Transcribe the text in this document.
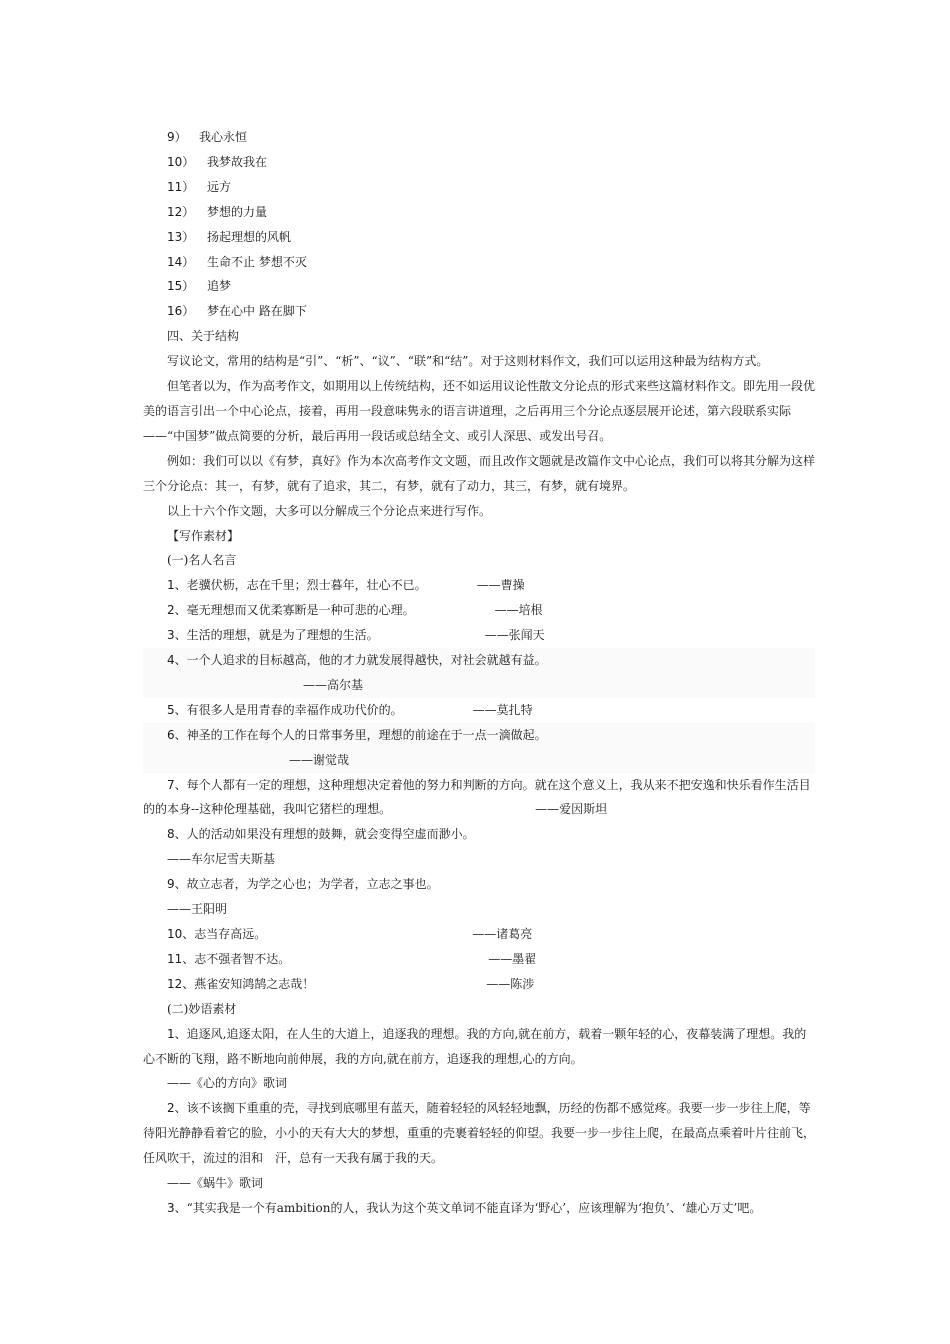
9） 我心永恒
10） 我梦故我在
11） 远方
12） 梦想的力量
13） 扬起理想的风帆
14） 生命不止 梦想不灭
15） 追梦
16） 梦在心中 路在脚下

四、关于结构

写议论文，常用的结构是“引”、“析”、“议”、“联”和“结”。对于这则材料作文，我们可以运用这种最为结构方式。

但笔者以为，作为高考作文，如期用以上传统结构，还不如运用议论性散文分论点的形式来些这篇材料作文。即先用一段优美的语言引出一个中心论点，接着，再用一段意味隽永的语言讲道理，之后再用三个分论点逐层展开论述，第六段联系实际——“中国梦”做点简要的分析，最后再用一段话或总结全文、或引人深思、或发出号召。

例如：我们可以以《有梦，真好》作为本次高考作文文题，而且改作文题就是改篇作文中心论点，我们可以将其分解为这样三个分论点：其一，有梦，就有了追求，其二，有梦，就有了动力，其三，有梦，就有境界。

以上十六个作文题，大多可以分解成三个分论点来进行写作。

【写作素材】

(一)名人名言

1、老骥伏枥，志在千里；烈士暮年，壮心不已。	——曹操

2、毫无理想而又优柔寡断是一种可悲的心理。	——培根

3、生活的理想，就是为了理想的生活。	——张闻天

4、一个人追求的目标越高，他的才力就发展得越快，对社会就越有益。

——高尔基

5、有很多人是用青春的幸福作成功代价的。	——莫扎特

6、神圣的工作在每个人的日常事务里，理想的前途在于一点一滴做起。

——谢觉哉

7、每个人都有一定的理想，这种理想决定着他的努力和判断的方向。就在这个意义上，我从来不把安逸和快乐看作生活目的的本身--这种伦理基础，我叫它猪栏的理想。	——爱因斯坦

8、人的活动如果没有理想的鼓舞，就会变得空虚而渺小。

——车尔尼雪夫斯基

9、故立志者，为学之心也；为学者，立志之事也。

——王阳明

10、志当存高远。	——诸葛亮

11、志不强者智不达。	——墨翟

12、燕雀安知鸿鹄之志哉！	——陈涉

(二)妙语素材

1、追逐风,追逐太阳，在人生的大道上，追逐我的理想。我的方向,就在前方，载着一颗年轻的心，夜幕装满了理想。我的心不断的飞翔，路不断地向前伸展，我的方向,就在前方，追逐我的理想,心的方向。

——《心的方向》歌词

2、该不该搁下重重的壳，寻找到底哪里有蓝天，随着轻轻的风轻轻地飘，历经的伤都不感觉疼。我要一步一步往上爬，等待阳光静静看着它的脸，小小的天有大大的梦想，重重的壳裹着轻轻的仰望。我要一步一步往上爬，在最高点乘着叶片往前飞，任风吹干，流过的泪和　汗，总有一天我有属于我的天。

——《蜗牛》歌词

3、“其实我是一个有ambition的人，我认为这个英文单词不能直译为‘野心’，应该理解为‘抱负’、‘雄心万丈’吧。
